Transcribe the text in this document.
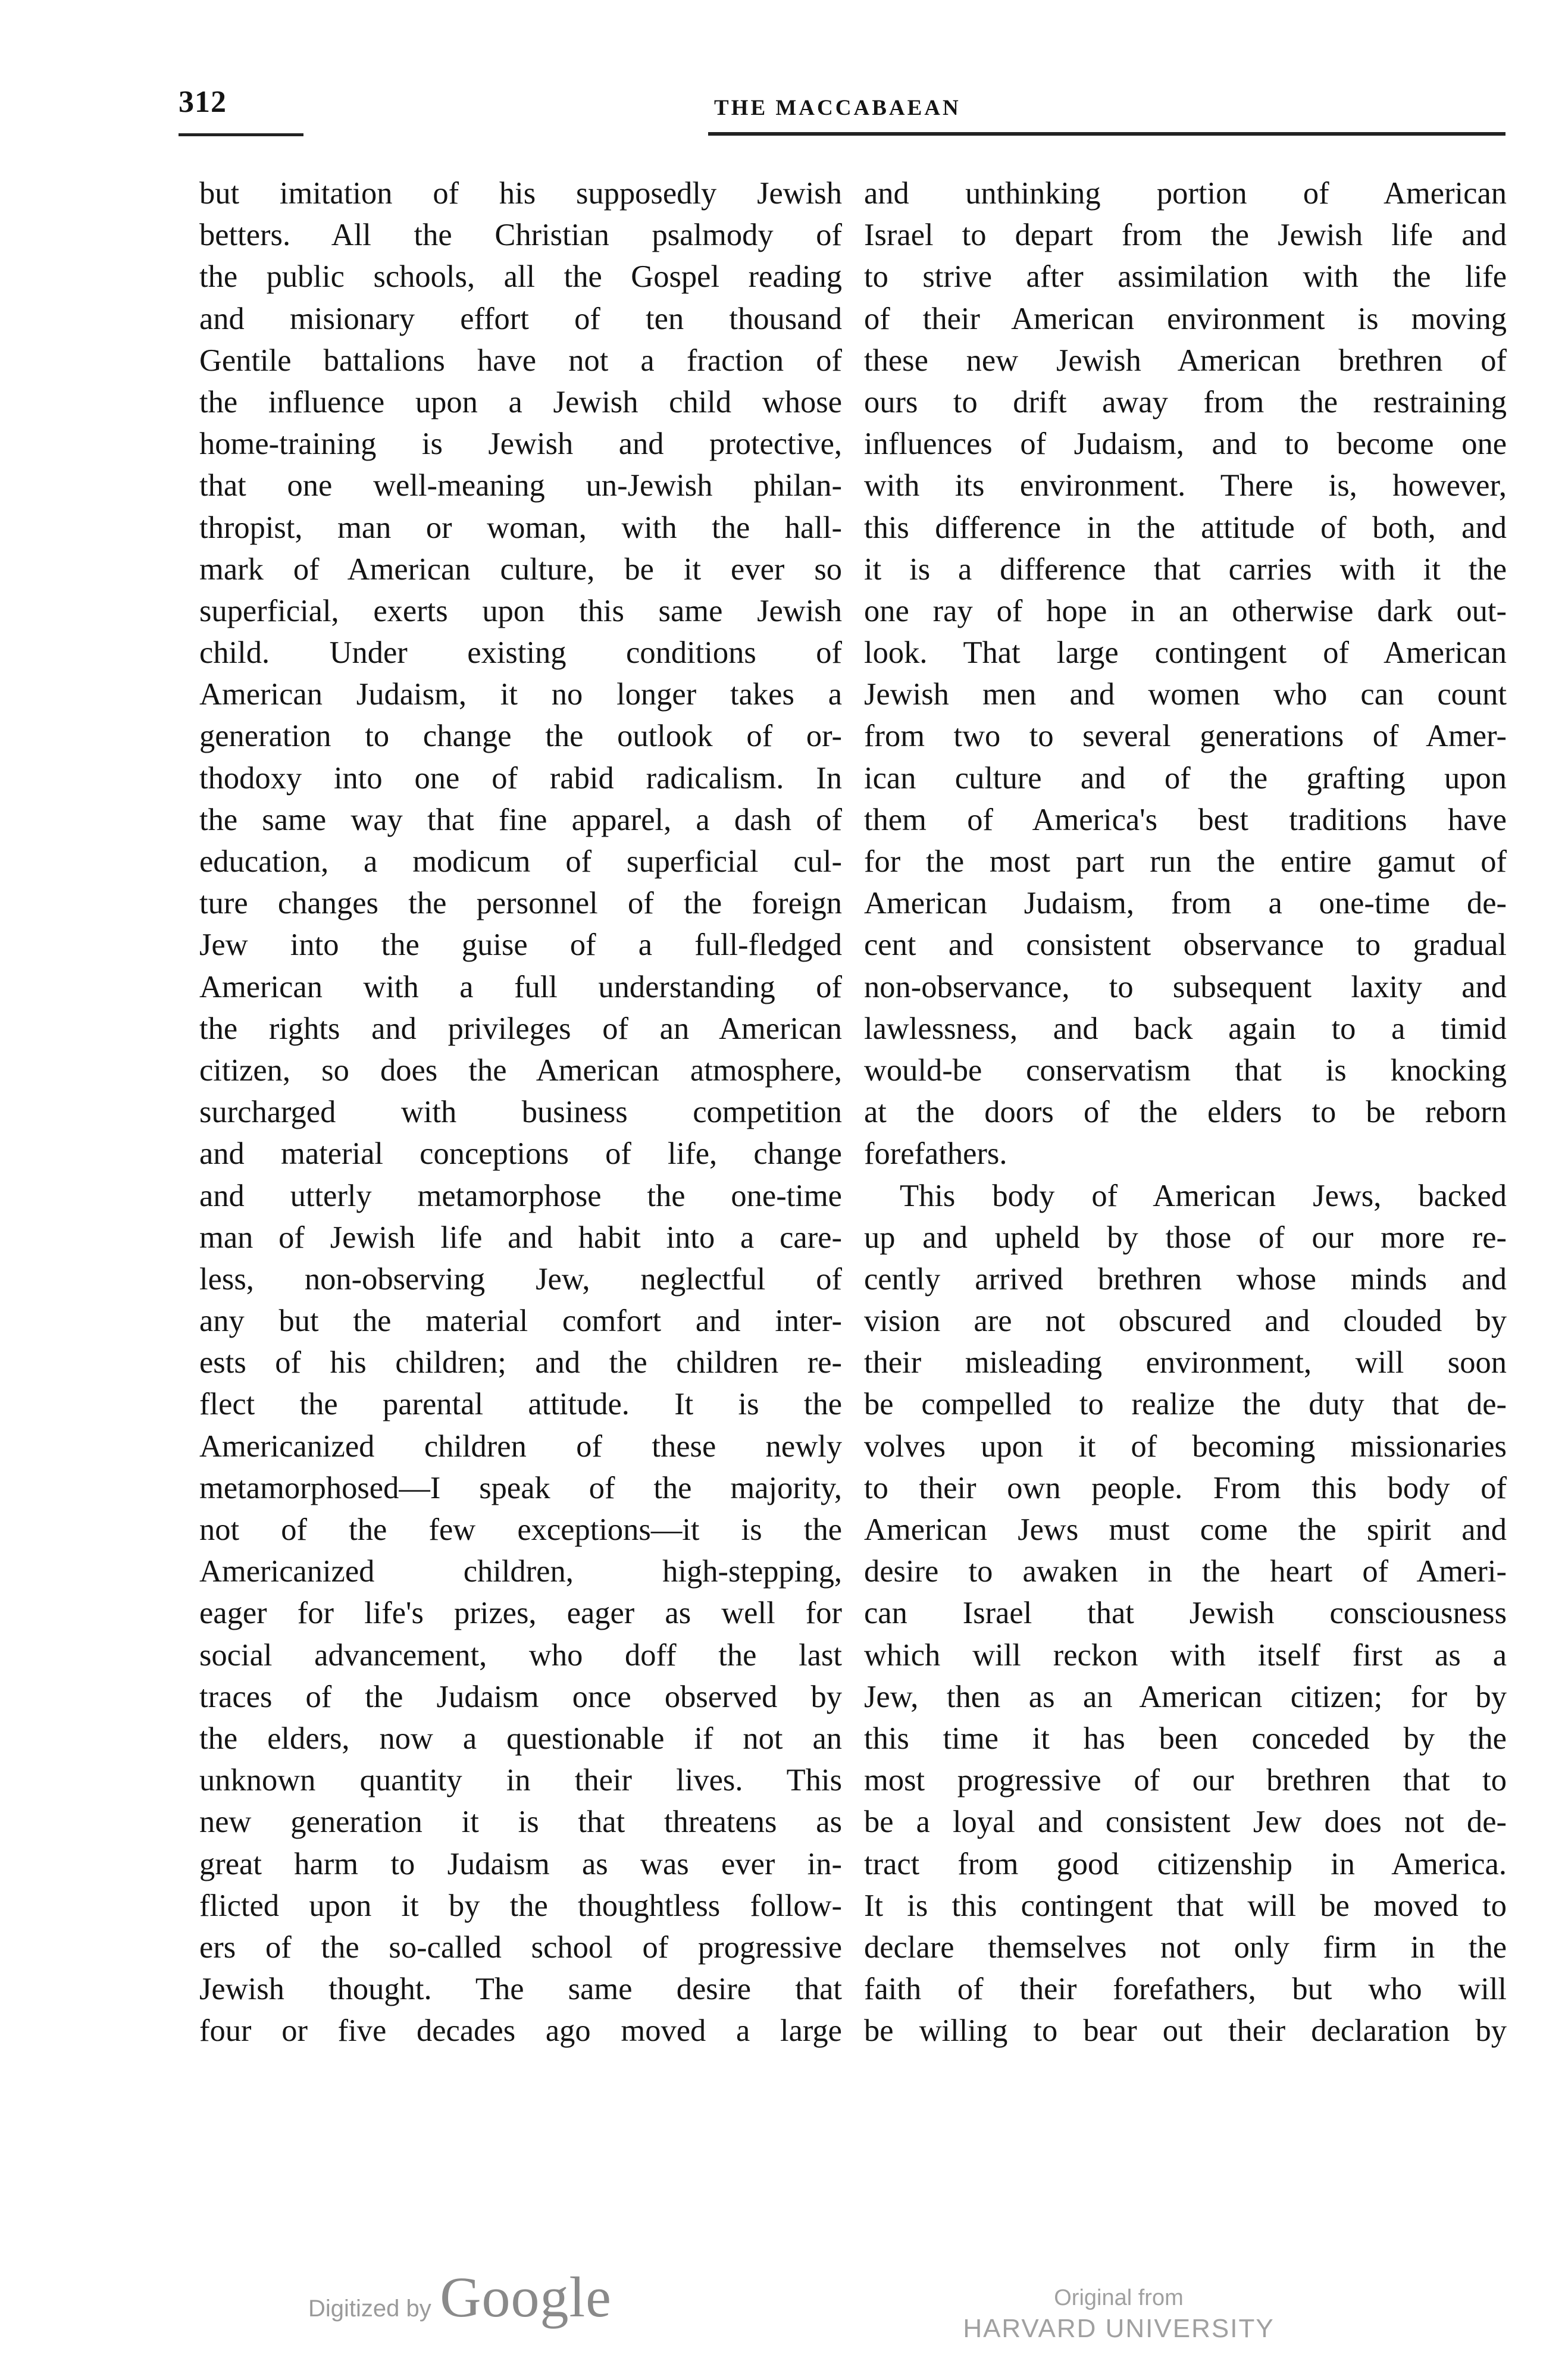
312	THE MACCABAEAN
but imitation of his supposedly Jewish
betters. All the Christian psalmody of
the public schools, all the Gospel reading
and misionary effort of ten thousand
Gentile battalions have not a fraction of
the influence upon a Jewish child whose
home-training is Jewish and protective,
that one well-meaning un-Jewish philan-
thropist, man or woman, with the hall-
mark of American culture, be it ever so
superficial, exerts upon this same Jewish
child. Under existing conditions of
American Judaism, it no longer takes a
generation to change the outlook of or-
thodoxy into one of rabid radicalism. In
the same way that fine apparel, a dash of
education, a modicum of superficial cul-
ture changes the personnel of the foreign
Jew into the guise of a full-fledged
American with a full understanding of
the rights and privileges of an American
citizen, so does the American atmosphere,
surcharged with business competition
and material conceptions of life, change
and utterly metamorphose the one-time
man of Jewish life and habit into a care-
less, non-observing Jew, neglectful of
any but the material comfort and inter-
ests of his children; and the children re-
flect the parental attitude. It is the
Americanized children of these newly
metamorphosed—I speak of the majority,
not of the few exceptions—it is the
Americanized children, high-stepping,
eager for life's prizes, eager as well for
social advancement, who doff the last
traces of the Judaism once observed by
the elders, now a questionable if not an
unknown quantity in their lives. This
new generation it is that threatens as
great harm to Judaism as was ever in-
flicted upon it by the thoughtless follow-
ers of the so-called school of progressive
Jewish thought. The same desire that
four or five decades ago moved a large
and unthinking portion of American
Israel to depart from the Jewish life and
to strive after assimilation with the life
of their American environment is moving
these new Jewish American brethren of
ours to drift away from the restraining
influences of Judaism, and to become one
with its environment. There is, however,
this difference in the attitude of both, and
it is a difference that carries with it the
one ray of hope in an otherwise dark out-
look. That large contingent of American
Jewish men and women who can count
from two to several generations of Amer-
ican culture and of the grafting upon
them of America's best traditions have
for the most part run the entire gamut of
American Judaism, from a one-time de-
cent and consistent observance to gradual
non-observance, to subsequent laxity and
lawlessness, and back again to a timid
would-be conservatism that is knocking
at the doors of the elders to be reborn
forefathers.
This body of American Jews, backed
up and upheld by those of our more re-
cently arrived brethren whose minds and
vision are not obscured and clouded by
their misleading environment, will soon
be compelled to realize the duty that de-
volves upon it of becoming missionaries
to their own people. From this body of
American Jews must come the spirit and
desire to awaken in the heart of Ameri-
can Israel that Jewish consciousness
which will reckon with itself first as a
Jew, then as an American citizen; for by
this time it has been conceded by the
most progressive of our brethren that to
be a loyal and consistent Jew does not de-
tract from good citizenship in America.
It is this contingent that will be moved to
declare themselves not only firm in the
faith of their forefathers, but who will
be willing to bear out their declaration by
Digitized by Google	Original from
HARVARD UNIVERSITY
